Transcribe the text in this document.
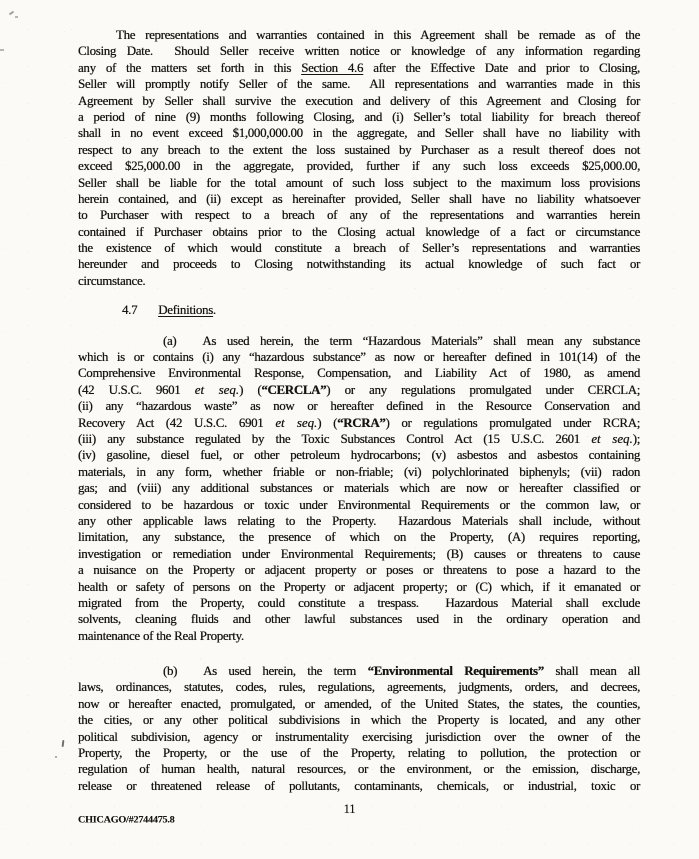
The representations and warranties contained in this Agreement shall be remade as of the
Closing Date.  Should Seller receive written notice or knowledge of any information regarding
any of the matters set forth in this Section 4.6 after the Effective Date and prior to Closing,
Seller will promptly notify Seller of the same.  All representations and warranties made in this
Agreement by Seller shall survive the execution and delivery of this Agreement and Closing for
a period of nine (9) months following Closing, and (i) Seller’s total liability for breach thereof
shall in no event exceed $1,000,000.00 in the aggregate, and Seller shall have no liability with
respect to any breach to the extent the loss sustained by Purchaser as a result thereof does not
exceed $25,000.00 in the aggregate, provided, further if any such loss exceeds $25,000.00,
Seller shall be liable for the total amount of such loss subject to the maximum loss provisions
herein contained, and (ii) except as hereinafter provided, Seller shall have no liability whatsoever
to Purchaser with respect to a breach of any of the representations and warranties herein
contained if Purchaser obtains prior to the Closing actual knowledge of a fact or circumstance
the existence of which would constitute a breach of Seller’s representations and warranties
hereunder and proceeds to Closing notwithstanding its actual knowledge of such fact or
circumstance.
4.7 Definitions.
(a) As used herein, the term “Hazardous Materials” shall mean any substance
which is or contains (i) any “hazardous substance” as now or hereafter defined in 101(14) of the
Comprehensive Environmental Response, Compensation, and Liability Act of 1980, as amend
(42 U.S.C. 9601 et seq.) (“CERCLA”) or any regulations promulgated under CERCLA;
(ii) any “hazardous waste” as now or hereafter defined in the Resource Conservation and
Recovery Act (42 U.S.C. 6901 et seq.) (“RCRA”) or regulations promulgated under RCRA;
(iii) any substance regulated by the Toxic Substances Control Act (15 U.S.C. 2601 et seq.);
(iv) gasoline, diesel fuel, or other petroleum hydrocarbons; (v) asbestos and asbestos containing
materials, in any form, whether friable or non-friable; (vi) polychlorinated biphenyls; (vii) radon
gas; and (viii) any additional substances or materials which are now or hereafter classified or
considered to be hazardous or toxic under Environmental Requirements or the common law, or
any other applicable laws relating to the Property.  Hazardous Materials shall include, without
limitation, any substance, the presence of which on the Property, (A) requires reporting,
investigation or remediation under Environmental Requirements; (B) causes or threatens to cause
a nuisance on the Property or adjacent property or poses or threatens to pose a hazard to the
health or safety of persons on the Property or adjacent property; or (C) which, if it emanated or
migrated from the Property, could constitute a trespass.  Hazardous Material shall exclude
solvents, cleaning fluids and other lawful substances used in the ordinary operation and
maintenance of the Real Property.
(b) As used herein, the term “Environmental Requirements” shall mean all
laws, ordinances, statutes, codes, rules, regulations, agreements, judgments, orders, and decrees,
now or hereafter enacted, promulgated, or amended, of the United States, the states, the counties,
the cities, or any other political subdivisions in which the Property is located, and any other
political subdivision, agency or instrumentality exercising jurisdiction over the owner of the
Property, the Property, or the use of the Property, relating to pollution, the protection or
regulation of human health, natural resources, or the environment, or the emission, discharge,
release or threatened release of pollutants, contaminants, chemicals, or industrial, toxic or
11
CHICAGO/#2744475.8
